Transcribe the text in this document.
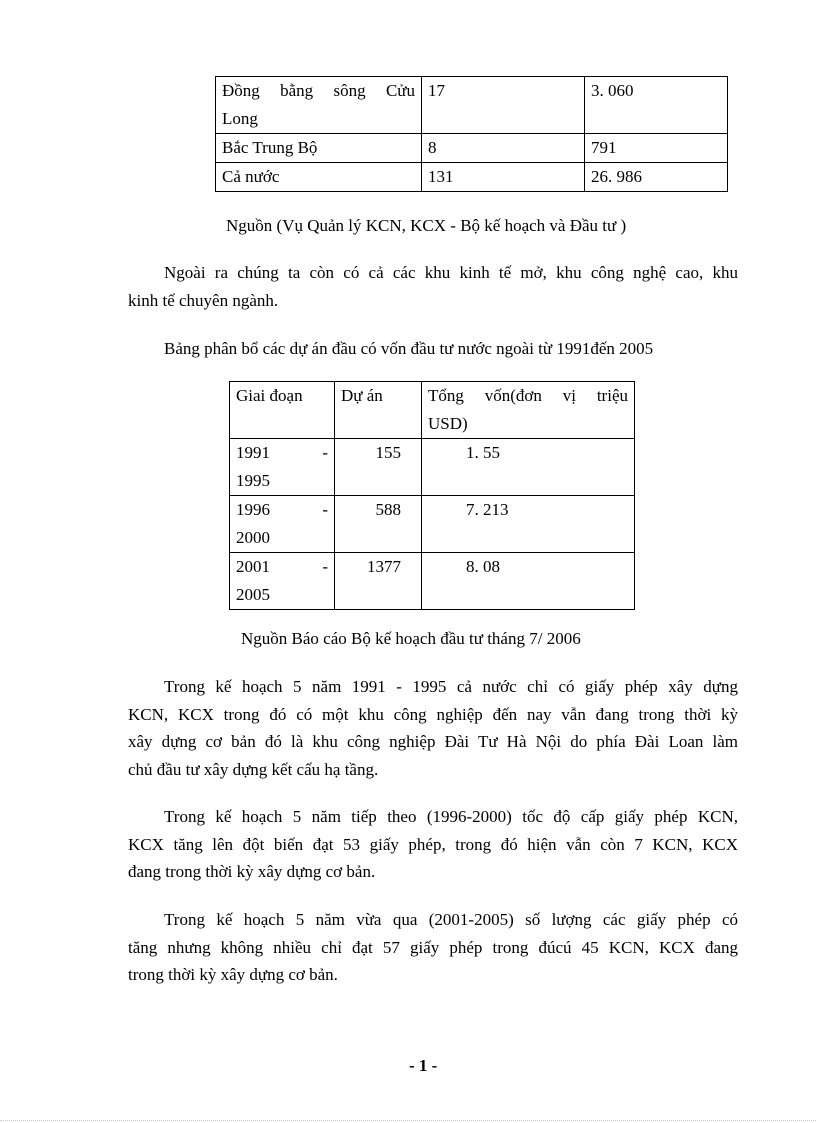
Đồng bằng sông Cửu
Long	17	3. 060
Bắc Trung Bộ	8	791
Cả nước	131	26. 986
Nguồn (Vụ Quản lý KCN, KCX - Bộ kế hoạch và Đầu tư )
Ngoài ra chúng ta còn có cả các khu kinh tế mở, khu công nghệ cao, khu
kinh tế chuyên ngành.
Bảng phân bổ các dự án đầu có vốn đầu tư nước ngoài từ 1991đến 2005
Giai đoạn	Dự án	Tổng vốn(đơn vị triệu
USD)

1991 -
1995	155	1. 55

1996 -
2000	588	7. 213

2001 -
2005	1377	8. 08
Nguồn Báo cáo Bộ kế hoạch đầu tư tháng 7/ 2006
Trong kế hoạch 5 năm 1991 - 1995 cả nước chỉ có giấy phép xây dựng
KCN, KCX trong đó có một khu công nghiệp đến nay vẫn đang trong thời kỳ
xây dựng cơ bản đó là khu công nghiệp Đài Tư Hà Nội do phía Đài Loan làm
chủ đầu tư xây dựng kết cấu hạ tầng.
Trong kế hoạch 5 năm tiếp theo (1996-2000) tốc độ cấp giấy phép KCN,
KCX tăng lên đột biến đạt 53 giấy phép, trong đó hiện vẫn còn 7 KCN, KCX
đang trong thời kỳ xây dựng cơ bản.
Trong kế hoạch 5 năm vừa qua (2001-2005) số lượng các giấy phép có
tăng nhưng không nhiều chỉ đạt 57 giấy phép trong đúcú 45 KCN, KCX đang
trong thời kỳ xây dựng cơ bản.
- 1 -
